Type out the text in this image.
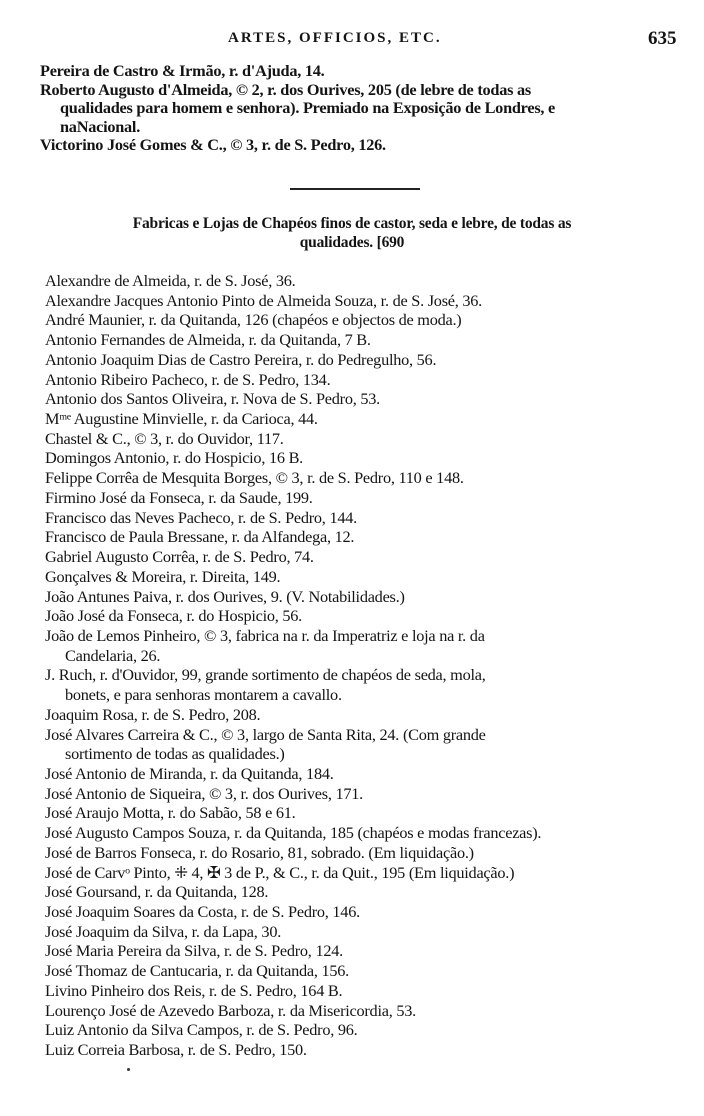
ARTES, OFFICIOS, ETC.	635
Pereira de Castro & Irmão, r. d'Ajuda, 14.
Roberto Augusto d'Almeida, © 2, r. dos Ourives, 205 (de lebre de todas as
qualidades para homem e senhora). Premiado na Exposição de Londres, e
naNacional.
Victorino José Gomes & C., © 3, r. de S. Pedro, 126.
Fabricas e Lojas de Chapéos finos de castor, seda e lebre, de todas as
qualidades. [690
Alexandre de Almeida, r. de S. José, 36.
Alexandre Jacques Antonio Pinto de Almeida Souza, r. de S. José, 36.
André Maunier, r. da Quitanda, 126 (chapéos e objectos de moda.)
Antonio Fernandes de Almeida, r. da Quitanda, 7 B.
Antonio Joaquim Dias de Castro Pereira, r. do Pedregulho, 56.
Antonio Ribeiro Pacheco, r. de S. Pedro, 134.
Antonio dos Santos Oliveira, r. Nova de S. Pedro, 53.
Mᵐᵉ Augustine Minvielle, r. da Carioca, 44.
Chastel & C., © 3, r. do Ouvidor, 117.
Domingos Antonio, r. do Hospicio, 16 B.
Felippe Corrêa de Mesquita Borges, © 3, r. de S. Pedro, 110 e 148.
Firmino José da Fonseca, r. da Saude, 199.
Francisco das Neves Pacheco, r. de S. Pedro, 144.
Francisco de Paula Bressane, r. da Alfandega, 12.
Gabriel Augusto Corrêa, r. de S. Pedro, 74.
Gonçalves & Moreira, r. Direita, 149.
João Antunes Paiva, r. dos Ourives, 9. (V. Notabilidades.)
João José da Fonseca, r. do Hospicio, 56.
João de Lemos Pinheiro, © 3, fabrica na r. da Imperatriz e loja na r. da
Candelaria, 26.
J. Ruch, r. d'Ouvidor, 99, grande sortimento de chapéos de seda, mola,
bonets, e para senhoras montarem a cavallo.
Joaquim Rosa, r. de S. Pedro, 208.
José Alvares Carreira & C., © 3, largo de Santa Rita, 24. (Com grande
sortimento de todas as qualidades.)
José Antonio de Miranda, r. da Quitanda, 184.
José Antonio de Siqueira, © 3, r. dos Ourives, 171.
José Araujo Motta, r. do Sabão, 58 e 61.
José Augusto Campos Souza, r. da Quitanda, 185 (chapéos e modas francezas).
José de Barros Fonseca, r. do Rosario, 81, sobrado. (Em liquidação.)
José de Carvᵒ Pinto, ⁜ 4, ✠ 3 de P., & C., r. da Quit., 195 (Em liquidação.)
José Goursand, r. da Quitanda, 128.
José Joaquim Soares da Costa, r. de S. Pedro, 146.
José Joaquim da Silva, r. da Lapa, 30.
José Maria Pereira da Silva, r. de S. Pedro, 124.
José Thomaz de Cantucaria, r. da Quitanda, 156.
Livino Pinheiro dos Reis, r. de S. Pedro, 164 B.
Lourenço José de Azevedo Barboza, r. da Misericordia, 53.
Luiz Antonio da Silva Campos, r. de S. Pedro, 96.
Luiz Correia Barbosa, r. de S. Pedro, 150.
